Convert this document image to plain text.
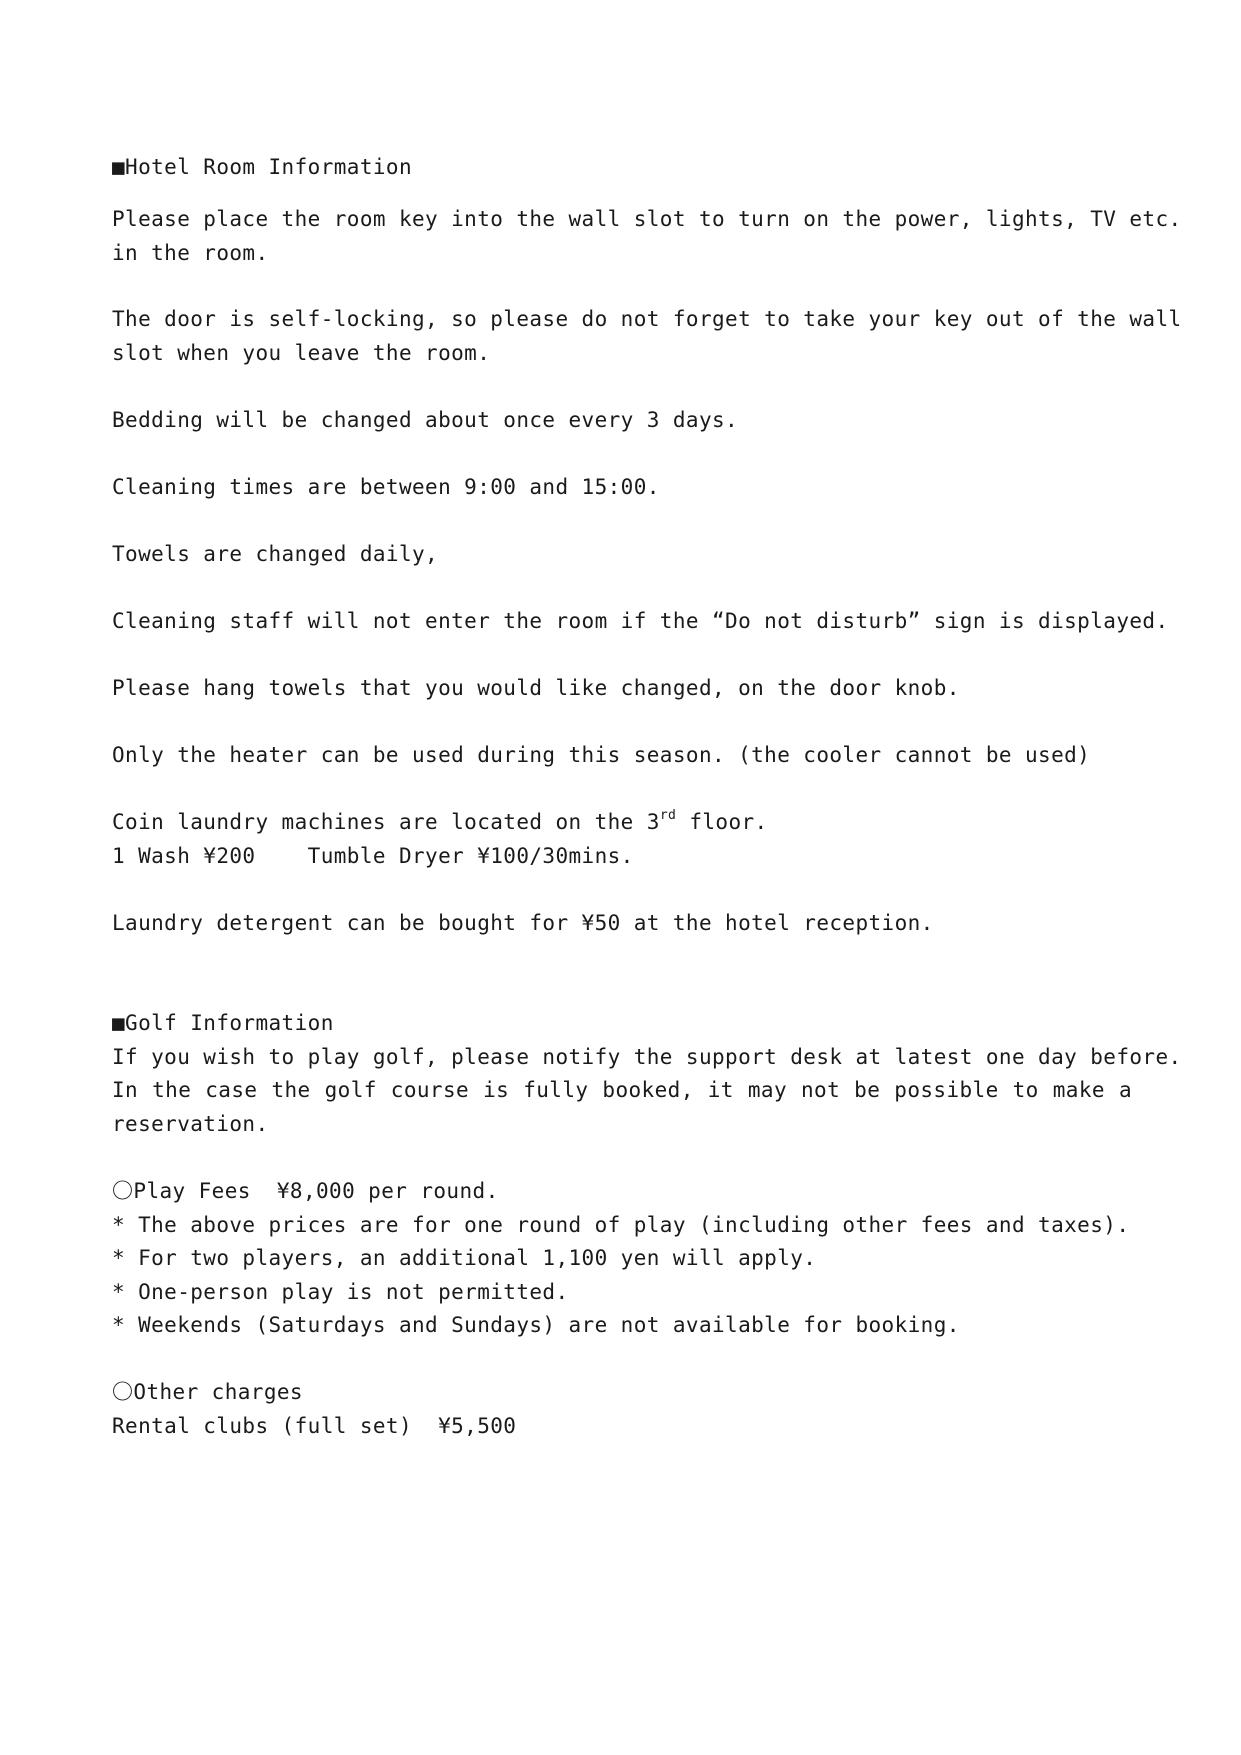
■Hotel Room Information
Please place the room key into the wall slot to turn on the power, lights, TV etc.
in the room.
The door is self-locking, so please do not forget to take your key out of the wall
slot when you leave the room.
Bedding will be changed about once every 3 days.
Cleaning times are between 9:00 and 15:00.
Towels are changed daily,
Cleaning staff will not enter the room if the “Do not disturb” sign is displayed.
Please hang towels that you would like changed, on the door knob.
Only the heater can be used during this season. (the cooler cannot be used)
Coin laundry machines are located on the 3rd floor.
1 Wash ¥200    Tumble Dryer ¥100/30mins.
Laundry detergent can be bought for ¥50 at the hotel reception.
■Golf Information
If you wish to play golf, please notify the support desk at latest one day before.
In the case the golf course is fully booked, it may not be possible to make a
reservation.
〇Play Fees  ¥8,000 per round.
* The above prices are for one round of play (including other fees and taxes).
* For two players, an additional 1,100 yen will apply.
* One-person play is not permitted.
* Weekends (Saturdays and Sundays) are not available for booking.
〇Other charges
Rental clubs (full set)  ¥5,500
